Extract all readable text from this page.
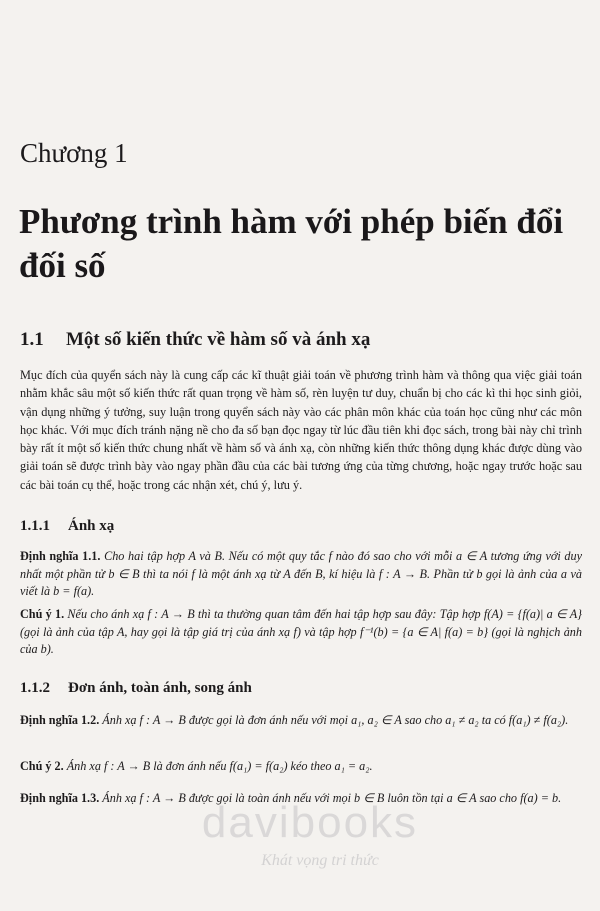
Chương 1
Phương trình hàm với phép biến đổi đối số
1.1 Một số kiến thức về hàm số và ánh xạ
Mục đích của quyển sách này là cung cấp các kĩ thuật giải toán về phương trình hàm và thông qua việc giải toán nhằm khắc sâu một số kiến thức rất quan trọng về hàm số, rèn luyện tư duy, chuẩn bị cho các kì thi học sinh giỏi, vận dụng những ý tưởng, suy luận trong quyển sách này vào các phân môn khác của toán học cũng như các môn học khác. Với mục đích tránh nặng nề cho đa số bạn đọc ngay từ lúc đầu tiên khi đọc sách, trong bài này chỉ trình bày rất ít một số kiến thức chung nhất về hàm số và ánh xạ, còn những kiến thức thông dụng khác được dùng vào giải toán sẽ được trình bày vào ngay phần đầu của các bài tương ứng của từng chương, hoặc ngay trước hoặc sau các bài toán cụ thể, hoặc trong các nhận xét, chú ý, lưu ý.
1.1.1 Ánh xạ
Định nghĩa 1.1. Cho hai tập hợp A và B. Nếu có một quy tắc f nào đó sao cho với mỗi a ∈ A tương ứng với duy nhất một phần tử b ∈ B thì ta nói f là một ánh xạ từ A đến B, kí hiệu là f : A → B. Phần tử b gọi là ảnh của a và viết là b = f(a).
Chú ý 1. Nếu cho ánh xạ f : A → B thì ta thường quan tâm đến hai tập hợp sau đây: Tập hợp f(A) = {f(a)| a ∈ A} (gọi là ảnh của tập A, hay gọi là tập giá trị của ánh xạ f) và tập hợp f⁻¹(b) = {a ∈ A| f(a) = b} (gọi là nghịch ảnh của b).
1.1.2 Đơn ánh, toàn ánh, song ánh
Định nghĩa 1.2. Ánh xạ f : A → B được gọi là đơn ánh nếu với mọi a₁, a₂ ∈ A sao cho a₁ ≠ a₂ ta có f(a₁) ≠ f(a₂).
Chú ý 2. Ánh xạ f : A → B là đơn ánh nếu f(a₁) = f(a₂) kéo theo a₁ = a₂.
Định nghĩa 1.3. Ánh xạ f : A → B được gọi là toàn ánh nếu với mọi b ∈ B luôn tồn tại a ∈ A sao cho f(a) = b.
davibooks
Khát vọng tri thức
